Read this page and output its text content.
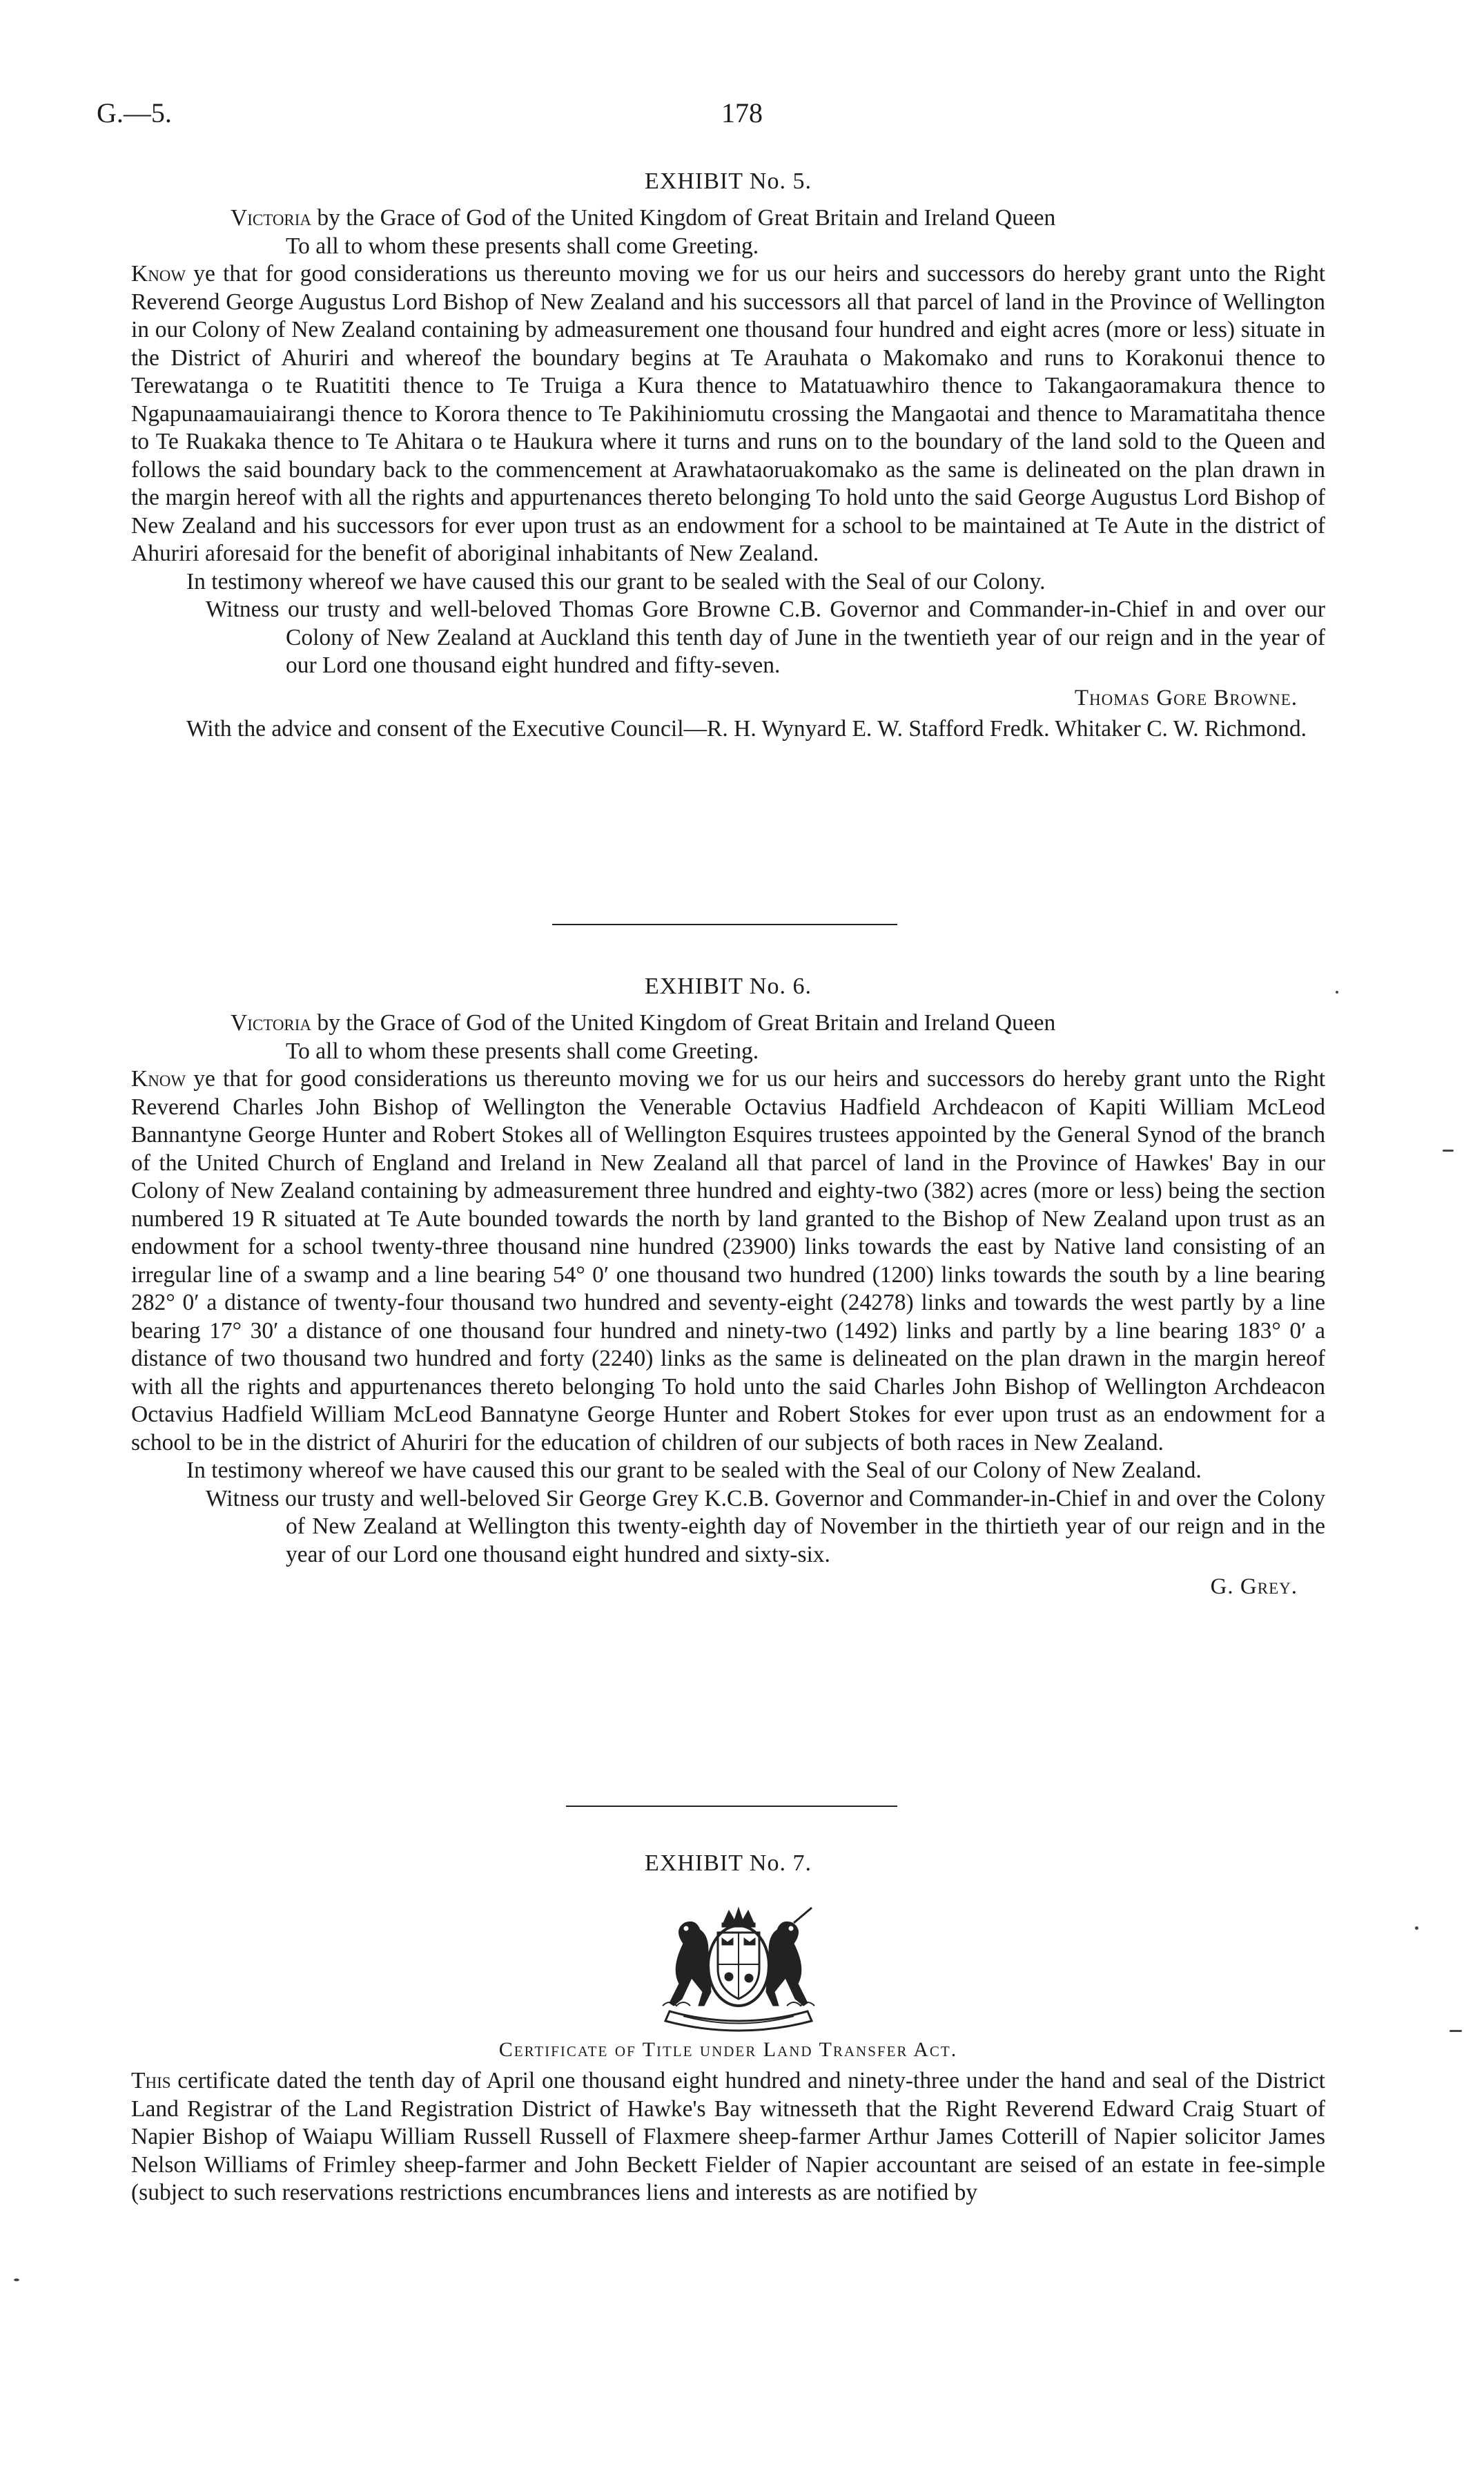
G.—5.	178
EXHIBIT No. 5.

Victoria by the Grace of God of the United Kingdom of Great Britain and Ireland Queen
To all to whom these presents shall come Greeting.

Know ye that for good considerations us thereunto moving we for us our heirs and successors do hereby grant unto the Right Reverend George Augustus Lord Bishop of New Zealand and his successors all that parcel of land in the Province of Wellington in our Colony of New Zealand containing by admeasurement one thousand four hundred and eight acres (more or less) situate in the District of Ahuriri and whereof the boundary begins at Te Arauhata o Makomako and runs to Korakonui thence to Terewatanga o te Ruatititi thence to Te Truiga a Kura thence to Matatuawhiro thence to Takangaoramakura thence to Ngapunaamauiairangi thence to Korora thence to Te Pakihiniomutu crossing the Mangaotai and thence to Maramatitaha thence to Te Ruakaka thence to Te Ahitara o te Haukura where it turns and runs on to the boundary of the land sold to the Queen and follows the said boundary back to the commencement at Arawhataoruakomako as the same is delineated on the plan drawn in the margin hereof with all the rights and appurtenances thereto belonging To hold unto the said George Augustus Lord Bishop of New Zealand and his successors for ever upon trust as an endowment for a school to be maintained at Te Aute in the district of Ahuriri aforesaid for the benefit of aboriginal inhabitants of New Zealand.

In testimony whereof we have caused this our grant to be sealed with the Seal of our Colony.

Witness our trusty and well-beloved Thomas Gore Browne C.B. Governor and Commander-in-Chief in and over our Colony of New Zealand at Auckland this tenth day of June in the twentieth year of our reign and in the year of our Lord one thousand eight hundred and fifty-seven.

Thomas Gore Browne.

With the advice and consent of the Executive Council—R. H. Wynyard E. W. Stafford Fredk. Whitaker C. W. Richmond.

EXHIBIT No. 6.

Victoria by the Grace of God of the United Kingdom of Great Britain and Ireland Queen
To all to whom these presents shall come Greeting.

Know ye that for good considerations us thereunto moving we for us our heirs and successors do hereby grant unto the Right Reverend Charles John Bishop of Wellington the Venerable Octavius Hadfield Archdeacon of Kapiti William McLeod Bannantyne George Hunter and Robert Stokes all of Wellington Esquires trustees appointed by the General Synod of the branch of the United Church of England and Ireland in New Zealand all that parcel of land in the Province of Hawkes' Bay in our Colony of New Zealand containing by admeasurement three hundred and eighty-two (382) acres (more or less) being the section numbered 19 R situated at Te Aute bounded towards the north by land granted to the Bishop of New Zealand upon trust as an endowment for a school twenty-three thousand nine hundred (23900) links towards the east by Native land consisting of an irregular line of a swamp and a line bearing 54° 0′ one thousand two hundred (1200) links towards the south by a line bearing 282° 0′ a distance of twenty-four thousand two hundred and seventy-eight (24278) links and towards the west partly by a line bearing 17° 30′ a distance of one thousand four hundred and ninety-two (1492) links and partly by a line bearing 183° 0′ a distance of two thousand two hundred and forty (2240) links as the same is delineated on the plan drawn in the margin hereof with all the rights and appurtenances thereto belonging To hold unto the said Charles John Bishop of Wellington Archdeacon Octavius Hadfield William McLeod Bannatyne George Hunter and Robert Stokes for ever upon trust as an endowment for a school to be in the district of Ahuriri for the education of children of our subjects of both races in New Zealand.

In testimony whereof we have caused this our grant to be sealed with the Seal of our Colony of New Zealand.

Witness our trusty and well-beloved Sir George Grey K.C.B. Governor and Commander-in-Chief in and over the Colony of New Zealand at Wellington this twenty-eighth day of November in the thirtieth year of our reign and in the year of our Lord one thousand eight hundred and sixty-six.

G. Grey.
EXHIBIT No. 7.
Certificate of Title under Land Transfer Act.

This certificate dated the tenth day of April one thousand eight hundred and ninety-three under the hand and seal of the District Land Registrar of the Land Registration District of Hawke's Bay witnesseth that the Right Reverend Edward Craig Stuart of Napier Bishop of Waiapu William Russell Russell of Flaxmere sheep-farmer Arthur James Cotterill of Napier solicitor James Nelson Williams of Frimley sheep-farmer and John Beckett Fielder of Napier accountant are seised of an estate in fee-simple (subject to such reservations restrictions encumbrances liens and interests as are notified by
